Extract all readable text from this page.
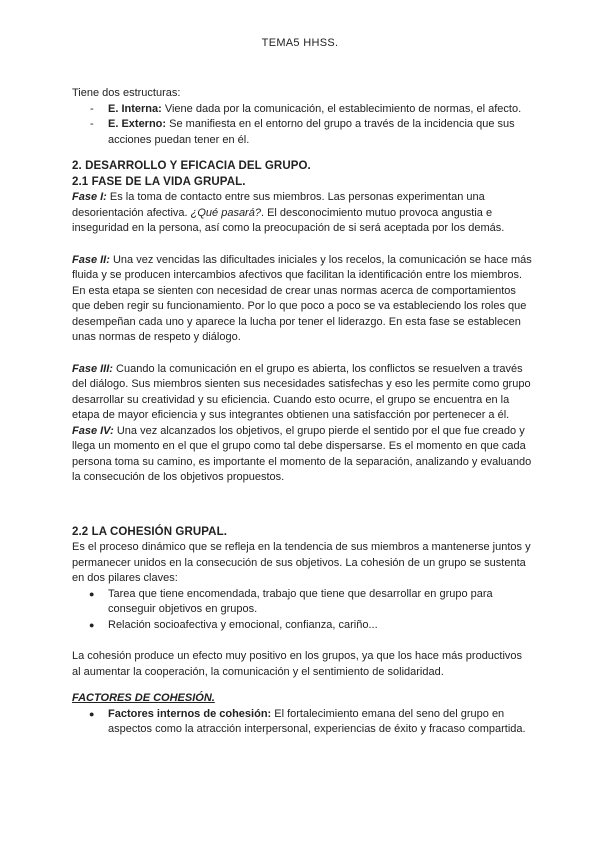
TEMA5 HHSS.

Tiene dos estructuras:

- E. Interna: Viene dada por la comunicación, el establecimiento de normas, el afecto.
- E. Externo: Se manifiesta en el entorno del grupo a través de la incidencia que sus acciones puedan tener en él.

2. DESARROLLO Y EFICACIA DEL GRUPO.

2.1 FASE DE LA VIDA GRUPAL.

Fase I: Es la toma de contacto entre sus miembros. Las personas experimentan una desorientación afectiva. ¿Qué pasará?. El desconocimiento mutuo provoca angustia e inseguridad en la persona, así como la preocupación de si será aceptada por los demás.

Fase II: Una vez vencidas las dificultades iniciales y los recelos, la comunicación se hace más fluida y se producen intercambios afectivos que facilitan la identificación entre los miembros. En esta etapa se sienten con necesidad de crear unas normas acerca de comportamientos que deben regir su funcionamiento. Por lo que poco a poco se va estableciendo los roles que desempeñan cada uno y aparece la lucha por tener el liderazgo. En esta fase se establecen unas normas de respeto y diálogo.

Fase III: Cuando la comunicación en el grupo es abierta, los conflictos se resuelven a través del diálogo. Sus miembros sienten sus necesidades satisfechas y eso les permite como grupo desarrollar su creatividad y su eficiencia. Cuando esto ocurre, el grupo se encuentra en la etapa de mayor eficiencia y sus integrantes obtienen una satisfacción por pertenecer a él.

Fase IV: Una vez alcanzados los objetivos, el grupo pierde el sentido por el que fue creado y llega un momento en el que el grupo como tal debe dispersarse. Es el momento en que cada persona toma su camino, es importante el momento de la separación, analizando y evaluando la consecución de los objetivos propuestos.

2.2 LA COHESIÓN GRUPAL.

Es el proceso dinámico que se refleja en la tendencia de sus miembros a mantenerse juntos y permanecer unidos en la consecución de sus objetivos. La cohesión de un grupo se sustenta en dos pilares claves:

● Tarea que tiene encomendada, trabajo que tiene que desarrollar en grupo para conseguir objetivos en grupos.
● Relación socioafectiva y emocional, confianza, cariño...

La cohesión produce un efecto muy positivo en los grupos, ya que los hace más productivos al aumentar la cooperación, la comunicación y el sentimiento de solidaridad.

FACTORES DE COHESIÓN.

● Factores internos de cohesión: El fortalecimiento emana del seno del grupo en aspectos como la atracción interpersonal, experiencias de éxito y fracaso compartida.
